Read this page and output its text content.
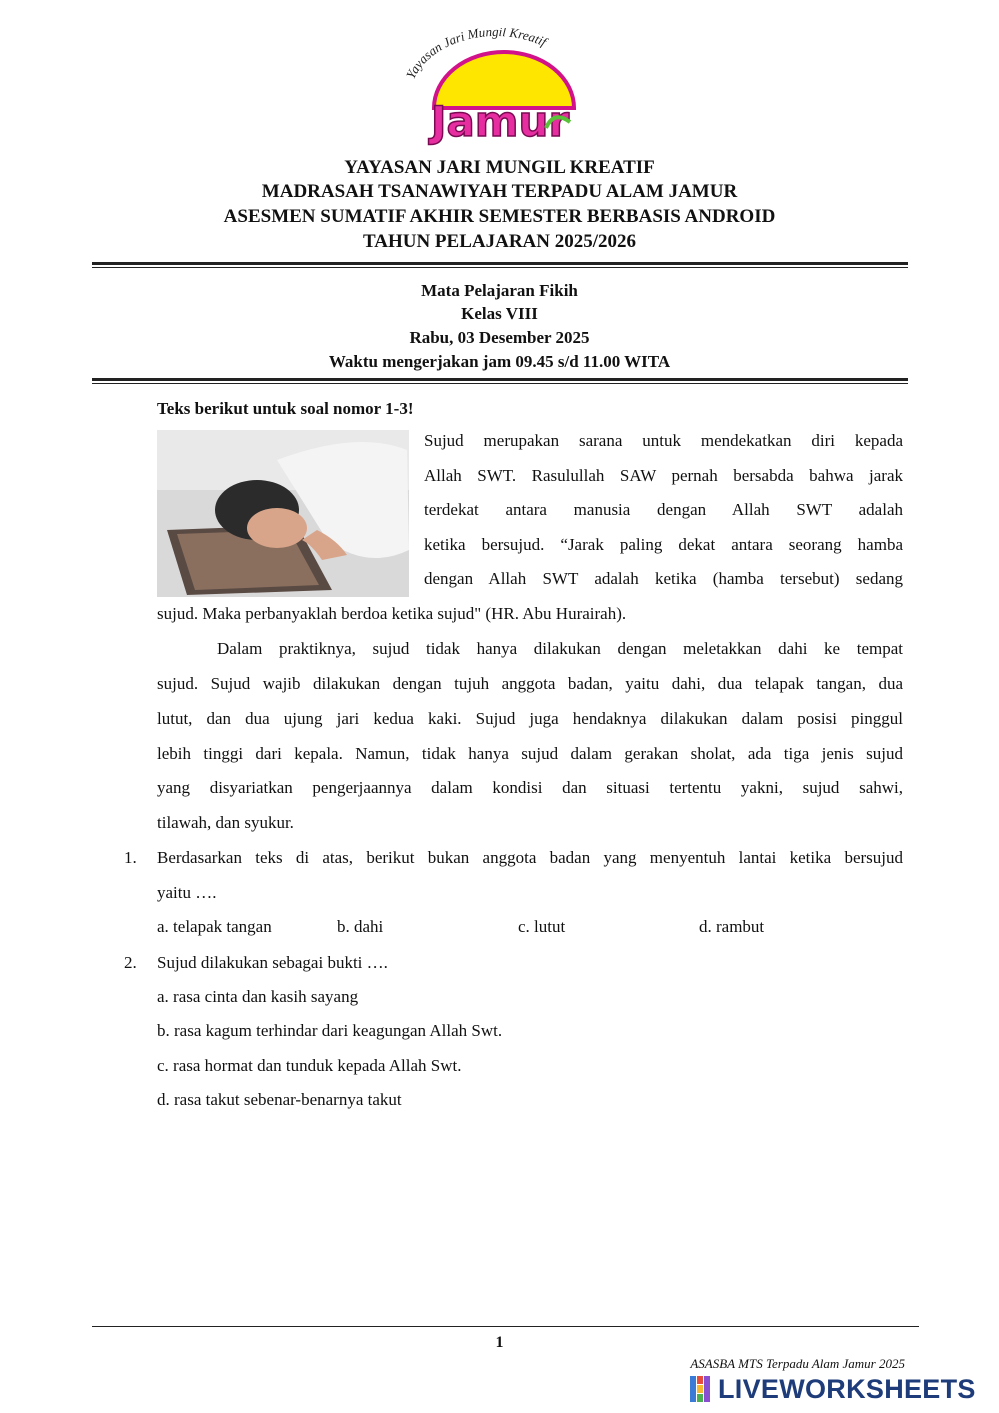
Yayasan Jari Mungil Kreatif
Jamur
YAYASAN JARI MUNGIL KREATIF
MADRASAH TSANAWIYAH TERPADU ALAM JAMUR
ASESMEN SUMATIF AKHIR SEMESTER BERBASIS ANDROID
TAHUN PELAJARAN 2025/2026
Mata Pelajaran Fikih
Kelas VIII
Rabu, 03 Desember 2025
Waktu mengerjakan jam 09.45 s/d 11.00 WITA
Teks berikut untuk soal nomor 1-3!
Sujud merupakan sarana untuk mendekatkan diri kepada
Allah SWT. Rasulullah SAW pernah bersabda bahwa jarak
terdekat antara manusia dengan Allah SWT adalah
ketika bersujud. “Jarak paling dekat antara seorang hamba
dengan Allah SWT adalah ketika (hamba tersebut) sedang
sujud. Maka perbanyaklah berdoa ketika sujud" (HR. Abu Hurairah).
Dalam praktiknya, sujud tidak hanya dilakukan dengan meletakkan dahi ke tempat
sujud. Sujud wajib dilakukan dengan tujuh anggota badan, yaitu dahi, dua telapak tangan, dua
lutut, dan dua ujung jari kedua kaki. Sujud juga hendaknya dilakukan dalam posisi pinggul
lebih tinggi dari kepala. Namun, tidak hanya sujud dalam gerakan sholat, ada tiga jenis sujud
yang disyariatkan pengerjaannya dalam kondisi dan situasi tertentu yakni, sujud sahwi,
tilawah, dan syukur.
1. Berdasarkan teks di atas, berikut bukan anggota badan yang menyentuh lantai ketika bersujud
yaitu ….
a. telapak tangan	b. dahi	c. lutut	d. rambut
2. Sujud dilakukan sebagai bukti ….
a. rasa cinta dan kasih sayang
b. rasa kagum terhindar dari keagungan Allah Swt.
c. rasa hormat dan tunduk kepada Allah Swt.
d. rasa takut sebenar-benarnya takut
1
ASASBA MTS Terpadu Alam Jamur 2025
LIVEWORKSHEETS
